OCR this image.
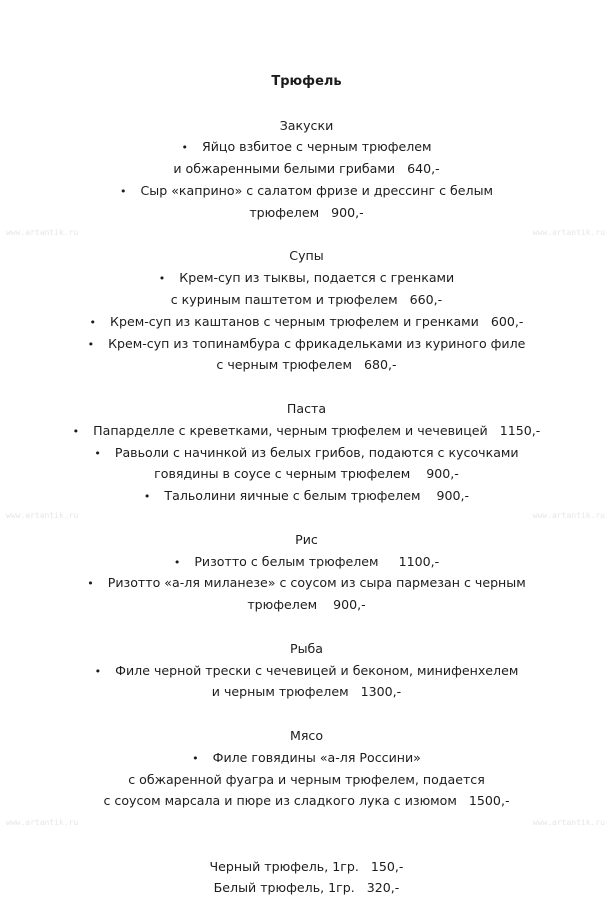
Трюфель
Закуски
• Яйцо взбитое с черным трюфелем
и обжаренными белыми грибами   640,-
• Сыр «каприно» с салатом фризе и дрессинг с белым
трюфелем   900,-
Супы
• Крем-суп из тыквы, подается с гренками
с куриным паштетом и трюфелем   660,-
• Крем-суп из каштанов с черным трюфелем и гренками   600,-
• Крем-суп из топинамбура с фрикадельками из куриного филе
с черным трюфелем   680,-
Паста
• Папарделле с креветками, черным трюфелем и чечевицей   1150,-
• Равьоли с начинкой из белых грибов, подаются с кусочками
говядины в соусе с черным трюфелем    900,-
• Тальолини яичные с белым трюфелем    900,-
Рис
• Ризотто с белым трюфелем     1100,-
• Ризотто «а-ля миланезе» с соусом из сыра пармезан с черным
трюфелем    900,-
Рыба
• Филе черной трески с чечевицей и беконом, минифенхелем
и черным трюфелем   1300,-
Мясо
• Филе говядины «а-ля Россини»
с обжаренной фуагра и черным трюфелем, подается
с соусом марсала и пюре из сладкого лука с изюмом   1500,-
Черный трюфель, 1гр.   150,-
Белый трюфель, 1гр.   320,-
www.artantik.ru	www.artantik.ru
www.artantik.ru	www.artantik.ru
www.artantik.ru	www.artantik.ru
